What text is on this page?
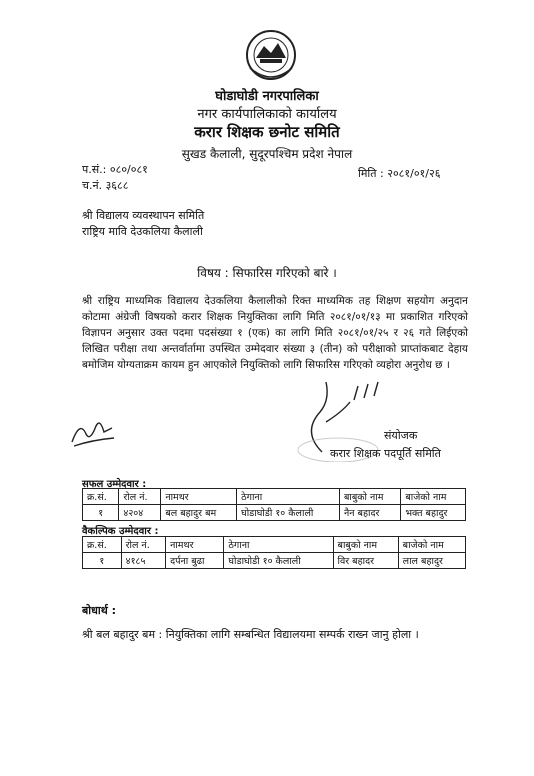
घोडाघोडी नगरपालिका
नगर कार्यपालिकाको कार्यालय
करार शिक्षक छनोट समिति
सुखड कैलाली, सुदूरपश्चिम प्रदेश नेपाल
प.सं.: ०८०/०८१
च.नं. ३६८८
मिति : २०८१/०१/२६
श्री विद्यालय व्यवस्थापन समिति
राष्ट्रिय मावि देउकलिया कैलाली
विषय : सिफारिस गरिएको बारे ।
श्री राष्ट्रिय माध्यमिक विद्यालय देउकलिया कैलालीको रिक्त माध्यमिक तह शिक्षण सहयोग अनुदान कोटामा अंग्रेजी विषयको करार शिक्षक नियुक्तिका लागि मिति २०८१/०१/१३ मा प्रकाशित गरिएको विज्ञापन अनुसार उक्त पदमा पदसंख्या १ (एक) का लागि मिति २०८१/०१/२५ र २६ गते लिईएको लिखित परीक्षा तथा अन्तर्वार्तामा उपस्थित उम्मेदवार संख्या ३ (तीन) को परीक्षाको प्राप्तांकबाट देहाय बमोजिम योग्यताक्रम कायम हुन आएकोले नियुक्तिको लागि सिफारिस गरिएको व्यहोरा अनुरोध छ ।
संयोजक
करार शिक्षक पदपूर्ति समिति
सफल उम्मेदवार :
क्र.सं.	रोल नं.	नामथर	ठेगाना	बाबुको नाम	बाजेको नाम
१	४२०४	बल बहादुर बम	घोडाघोडी १० कैलाली	नैन बहादर	भक्त बहादुर
वैकल्पिक उम्मेदवार :
क्र.सं.	रोल नं.	नामथर	ठेगाना	बाबुको नाम	बाजेको नाम
१	४१८५	दर्पना बुढा	घोडाघोडी १० कैलाली	विर बहादर	लाल बहादुर
बोधार्थ :
श्री बल बहादुर बम : नियुक्तिका लागि सम्बन्धित विद्यालयमा सम्पर्क राख्न जानु होला ।
